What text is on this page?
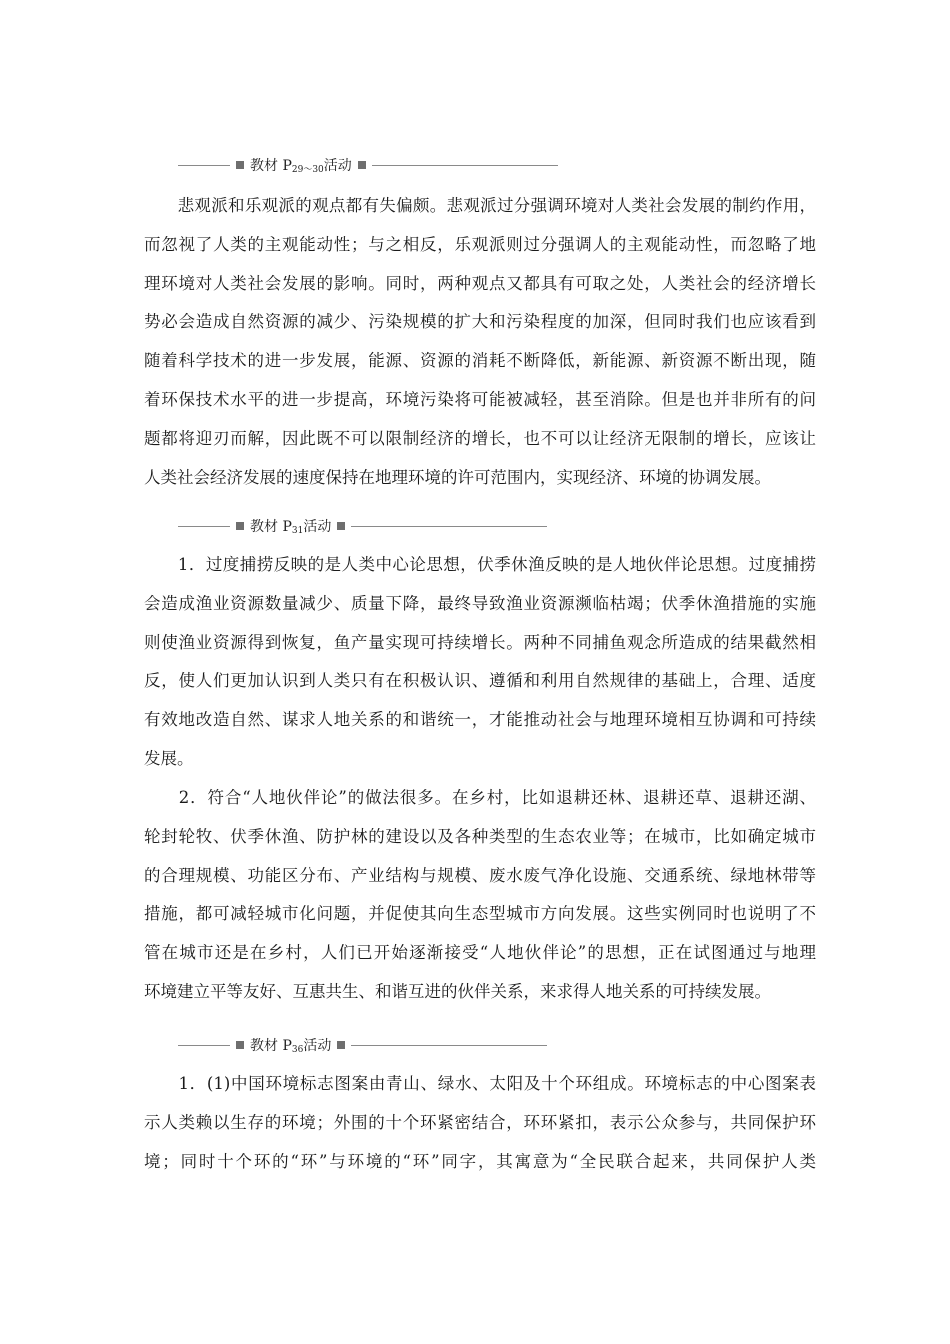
教材 $P_{29\sim 30}$活动
　　悲观派和乐观派的观点都有失偏颇。悲观派过分强调环境对人类社会发展的制约作用，
而忽视了人类的主观能动性；与之相反，乐观派则过分强调人的主观能动性，而忽略了地
理环境对人类社会发展的影响。同时，两种观点又都具有可取之处，人类社会的经济增长
势必会造成自然资源的减少、污染规模的扩大和污染程度的加深，但同时我们也应该看到
随着科学技术的进一步发展，能源、资源的消耗不断降低，新能源、新资源不断出现，随
着环保技术水平的进一步提高，环境污染将可能被减轻，甚至消除。但是也并非所有的问
题都将迎刃而解，因此既不可以限制经济的增长，也不可以让经济无限制的增长，应该让
人类社会经济发展的速度保持在地理环境的许可范围内，实现经济、环境的协调发展。
教材 $P_{31}$活动
　　1．过度捕捞反映的是人类中心论思想，伏季休渔反映的是人地伙伴论思想。过度捕捞
会造成渔业资源数量减少、质量下降，最终导致渔业资源濒临枯竭；伏季休渔措施的实施
则使渔业资源得到恢复，鱼产量实现可持续增长。两种不同捕鱼观念所造成的结果截然相
反，使人们更加认识到人类只有在积极认识、遵循和利用自然规律的基础上，合理、适度
有效地改造自然、谋求人地关系的和谐统一，才能推动社会与地理环境相互协调和可持续
发展。
　　2．符合“人地伙伴论”的做法很多。在乡村，比如退耕还林、退耕还草、退耕还湖、
轮封轮牧、伏季休渔、防护林的建设以及各种类型的生态农业等；在城市，比如确定城市
的合理规模、功能区分布、产业结构与规模、废水废气净化设施、交通系统、绿地林带等
措施，都可减轻城市化问题，并促使其向生态型城市方向发展。这些实例同时也说明了不
管在城市还是在乡村，人们已开始逐渐接受“人地伙伴论”的思想，正在试图通过与地理
环境建立平等友好、互惠共生、和谐互进的伙伴关系，来求得人地关系的可持续发展。
教材 $P_{36}$活动
　　1．(1)中国环境标志图案由青山、绿水、太阳及十个环组成。环境标志的中心图案表
示人类赖以生存的环境；外围的十个环紧密结合，环环紧扣，表示公众参与，共同保护环
境；同时十个环的“环”与环境的“环”同字，其寓意为“全民联合起来，共同保护人类
